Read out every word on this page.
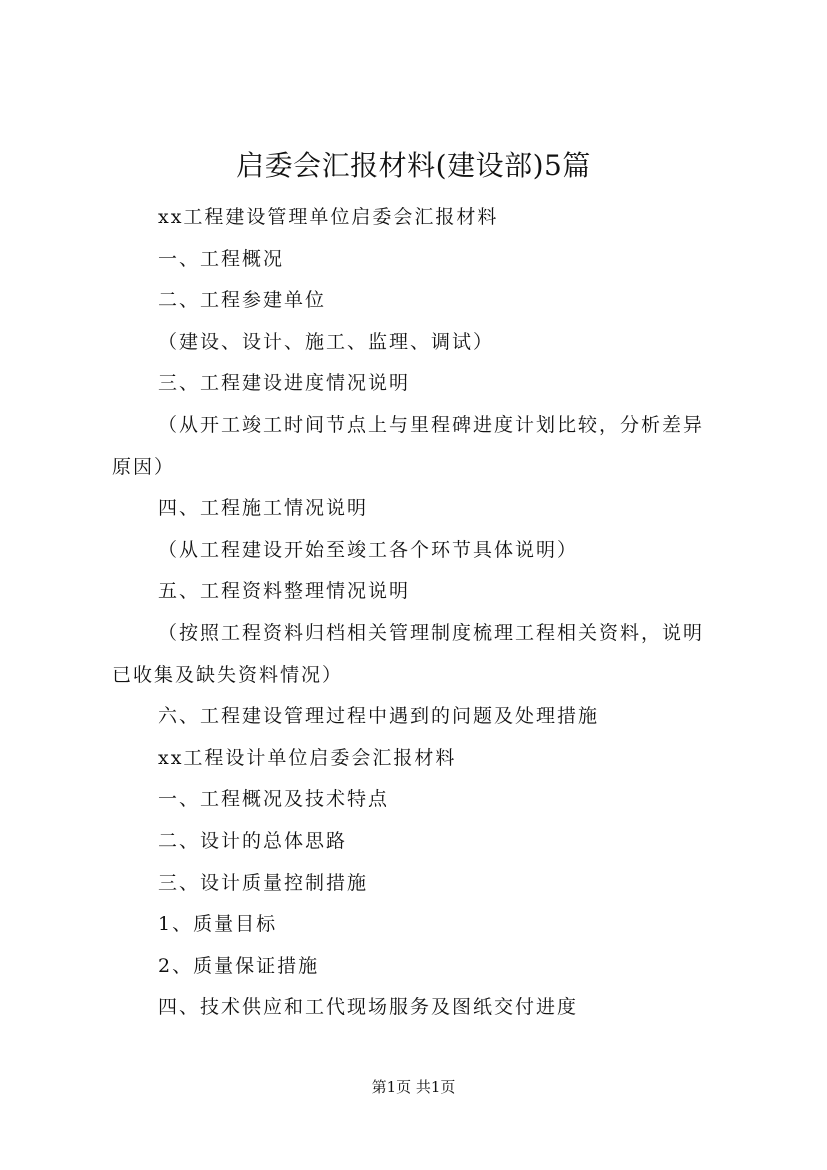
启委会汇报材料(建设部)5篇

xx工程建设管理单位启委会汇报材料

一、工程概况

二、工程参建单位

（建设、设计、施工、监理、调试）

三、工程建设进度情况说明

（从开工竣工时间节点上与里程碑进度计划比较，分析差异原因）

四、工程施工情况说明

（从工程建设开始至竣工各个环节具体说明）

五、工程资料整理情况说明

（按照工程资料归档相关管理制度梳理工程相关资料，说明已收集及缺失资料情况）

六、工程建设管理过程中遇到的问题及处理措施

xx工程设计单位启委会汇报材料

一、工程概况及技术特点

二、设计的总体思路

三、设计质量控制措施

1、质量目标

2、质量保证措施

四、技术供应和工代现场服务及图纸交付进度

第1页 共1页
